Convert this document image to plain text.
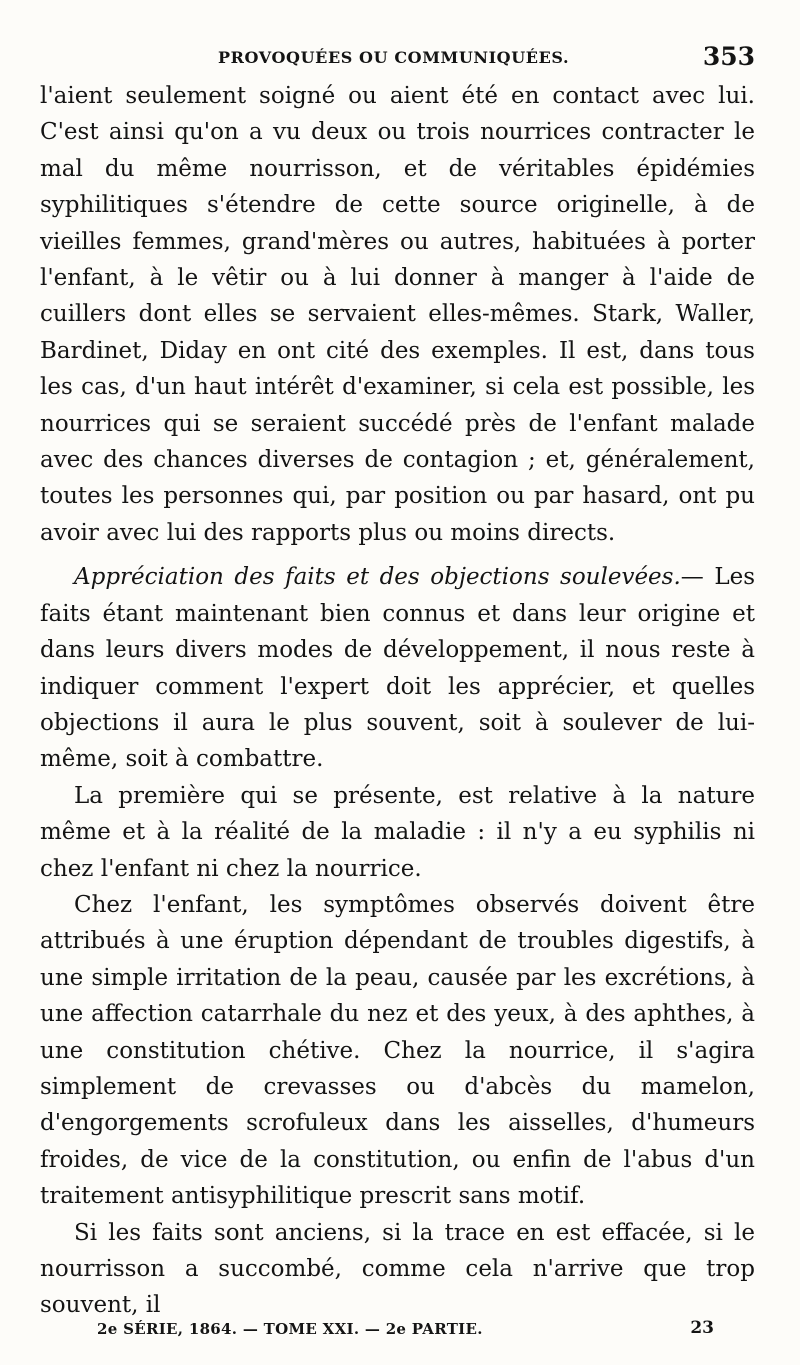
PROVOQUÉES OU COMMUNIQUÉES.	353

l'aient seulement soigné ou aient été en contact avec lui. C'est ainsi qu'on a vu deux ou trois nourrices contracter le mal du même nourrisson, et de véritables épidémies syphilitiques s'étendre de cette source originelle, à de vieilles femmes, grand'mères ou autres, habituées à porter l'enfant, à le vêtir ou à lui donner à manger à l'aide de cuillers dont elles se servaient elles-mêmes. Stark, Waller, Bardinet, Diday en ont cité des exemples. Il est, dans tous les cas, d'un haut intérêt d'examiner, si cela est possible, les nourrices qui se seraient succédé près de l'enfant malade avec des chances diverses de contagion ; et, généralement, toutes les personnes qui, par position ou par hasard, ont pu avoir avec lui des rapports plus ou moins directs.

Appréciation des faits et des objections soulevées.— Les faits étant maintenant bien connus et dans leur origine et dans leurs divers modes de développement, il nous reste à indiquer comment l'expert doit les apprécier, et quelles objections il aura le plus souvent, soit à soulever de lui-même, soit à combattre.

La première qui se présente, est relative à la nature même et à la réalité de la maladie : il n'y a eu syphilis ni chez l'enfant ni chez la nourrice.

Chez l'enfant, les symptômes observés doivent être attribués à une éruption dépendant de troubles digestifs, à une simple irritation de la peau, causée par les excrétions, à une affection catarrhale du nez et des yeux, à des aphthes, à une constitution chétive. Chez la nourrice, il s'agira simplement de crevasses ou d'abcès du mamelon, d'engorgements scrofuleux dans les aisselles, d'humeurs froides, de vice de la constitution, ou enfin de l'abus d'un traitement antisyphilitique prescrit sans motif.

Si les faits sont anciens, si la trace en est effacée, si le nourrisson a succombé, comme cela n'arrive que trop souvent, il

2e SÉRIE, 1864. — TOME XXI. — 2e PARTIE.	23
